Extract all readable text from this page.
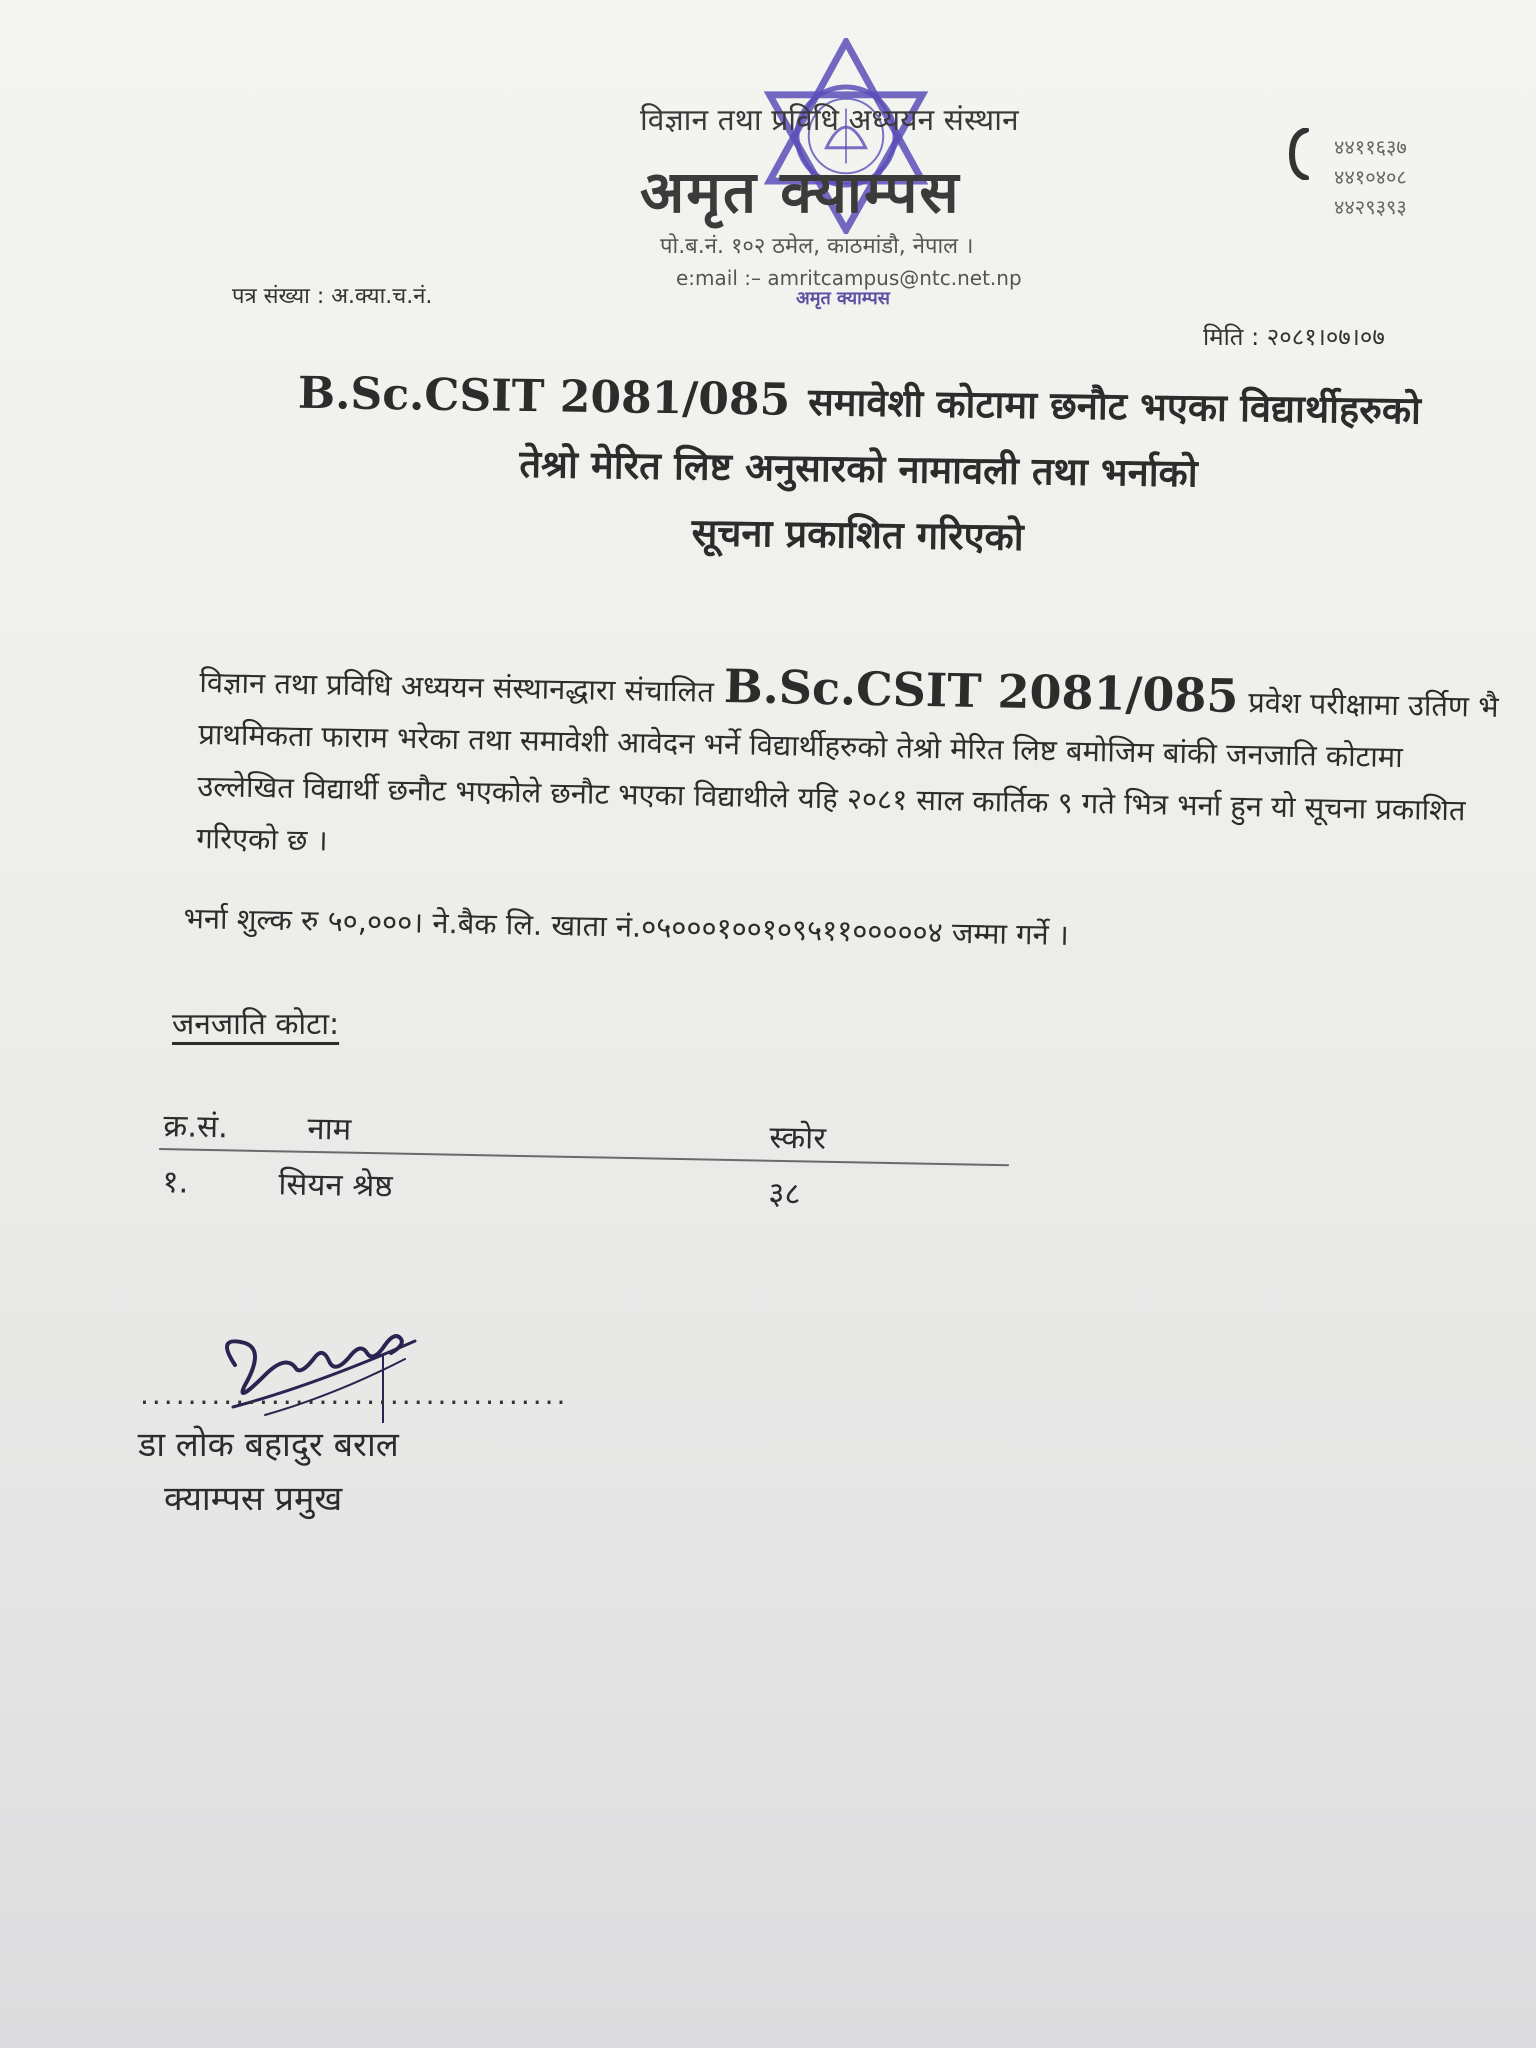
विज्ञान तथा प्रविधि अध्ययन संस्थान
अमृत क्याम्पस
पो.ब.नं. १०२ ठमेल, काठमांडौ, नेपाल ।
e:mail :– amritcampus@ntc.net.np
अमृत क्याम्पस
४४११६३७
४४१०४०८
४४२९३९३
पत्र संख्या : अ.क्या.च.नं.
मिति : २०८१।०७।०७
B.Sc.CSIT 2081/085 समावेशी कोटामा छनौट भएका विद्यार्थीहरुको
तेश्रो मेरित लिष्ट अनुसारको नामावली तथा भर्नाको
सूचना प्रकाशित गरिएको
विज्ञान तथा प्रविधि अध्ययन संस्थानद्धारा संचालित B.Sc.CSIT 2081/085 प्रवेश परीक्षामा उर्तिण भै प्राथमिकता फाराम भरेका तथा समावेशी आवेदन भर्ने विद्यार्थीहरुको तेश्रो मेरित लिष्ट बमोजिम बांकी जनजाति कोटामा उल्लेखित विद्यार्थी छनौट भएकोले छनौट भएका विद्याथीले यहि २०८१ साल कार्तिक ९ गते भित्र भर्ना हुन यो सूचना प्रकाशित गरिएको छ ।
भर्ना शुल्क रु ५०,०००। ने.बैक लि. खाता नं.०५०००१००१०९५११०००००४ जम्मा गर्ने ।
जनजाति कोटा:
क्र.सं.	नाम	स्कोर
१.	सियन श्रेष्ठ	३८
....................................
डा लोक बहादुर बराल
क्याम्पस प्रमुख
